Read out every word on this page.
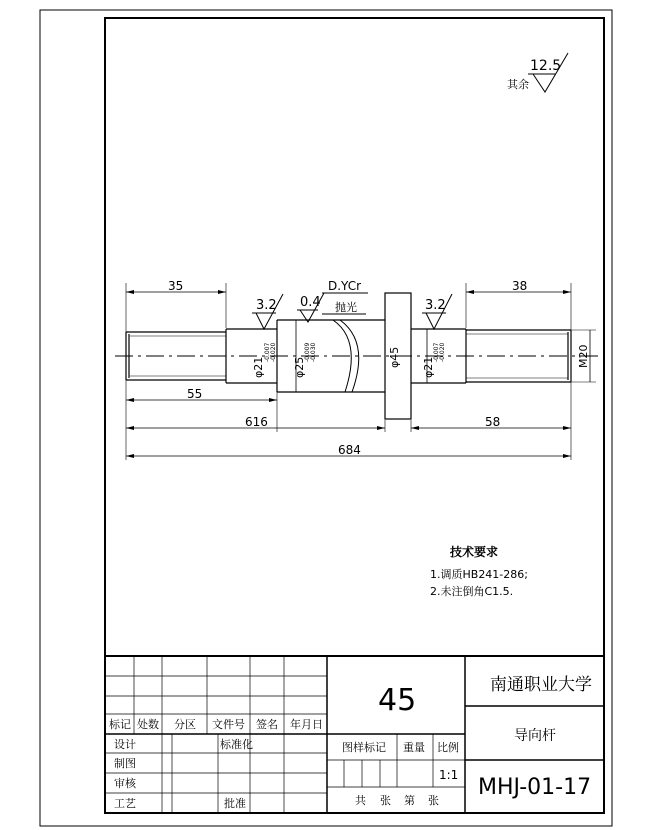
12.5
其余
3.2 0.4	3.2
D.YCr
抛光
φ21
-0.007 -0.020
φ25
-0.009 -0.030	φ45 φ21
-0.007 -0.020	M20
35	38
55
616	58
684
技术要求
1.调质HB241-286;
2.未注倒角C1.5.
标记 处数 分区 文件号 签名 年月日
设计	标准化
制图
审核
工艺	批准
45
图样标记 重量 比例
1:1
共 张 第 张
南通职业大学
导向杆
MHJ-01-17
